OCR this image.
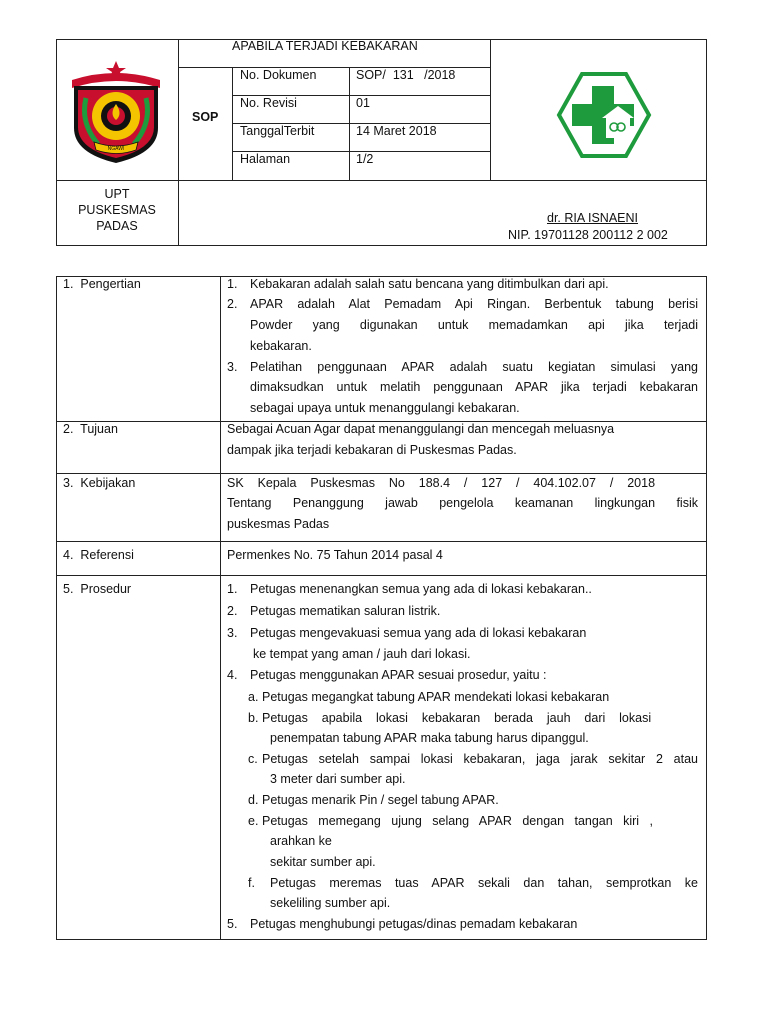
NGAWI
APABILA TERJADI KEBAKARAN
SOP
No. Dokumen	SOP/  131   /2018
No. Revisi	01
TanggalTerbit	14 Maret 2018
Halaman	1/2
UPT
PUSKESMAS
PADAS
dr. RIA ISNAENI
NIP. 19701128 200112 2 002
1.  Pengertian	1. Kebakaran adalah salah satu bencana yang ditimbulkan dari api.
2. APAR adalah Alat Pemadam Api Ringan. Berbentuk tabung berisi
Powder yang digunakan untuk memadamkan api jika terjadi
kebakaran.
3. Pelatihan penggunaan APAR adalah suatu kegiatan simulasi yang
dimaksudkan untuk melatih penggunaan APAR jika terjadi kebakaran
sebagai upaya untuk menanggulangi kebakaran.
2.  Tujuan	Sebagai Acuan Agar dapat menanggulangi dan mencegah meluasnya
dampak jika terjadi kebakaran di Puskesmas Padas.
3.  Kebijakan	SK    Kepala    Puskesmas    No    188.4    /    127    /    404.102.07    /    2018
Tentang Penanggung jawab pengelola keamanan lingkungan fisik
puskesmas Padas
4.  Referensi	Permenkes No. 75 Tahun 2014 pasal 4
5.  Prosedur	1. Petugas menenangkan semua yang ada di lokasi kebakaran..
2. Petugas mematikan saluran listrik.
3. Petugas mengevakuasi semua yang ada di lokasi kebakaran
ke tempat yang aman / jauh dari lokasi.
4. Petugas menggunakan APAR sesuai prosedur, yaitu :
a. Petugas megangkat tabung APAR mendekati lokasi kebakaran
b. Petugas    apabila    lokasi    kebakaran    berada    jauh    dari    lokasi
penempatan tabung APAR maka tabung harus dipanggul.
c. Petugas setelah sampai lokasi kebakaran, jaga jarak sekitar 2 atau
3 meter dari sumber api.
d. Petugas menarik Pin / segel tabung APAR.
e. Petugas   memegang   ujung   selang   APAR   dengan   tangan   kiri   ,
arahkan ke
sekitar sumber api.
f. Petugas meremas tuas APAR sekali dan tahan, semprotkan ke
sekeliling sumber api.
5. Petugas menghubungi petugas/dinas pemadam kebakaran
